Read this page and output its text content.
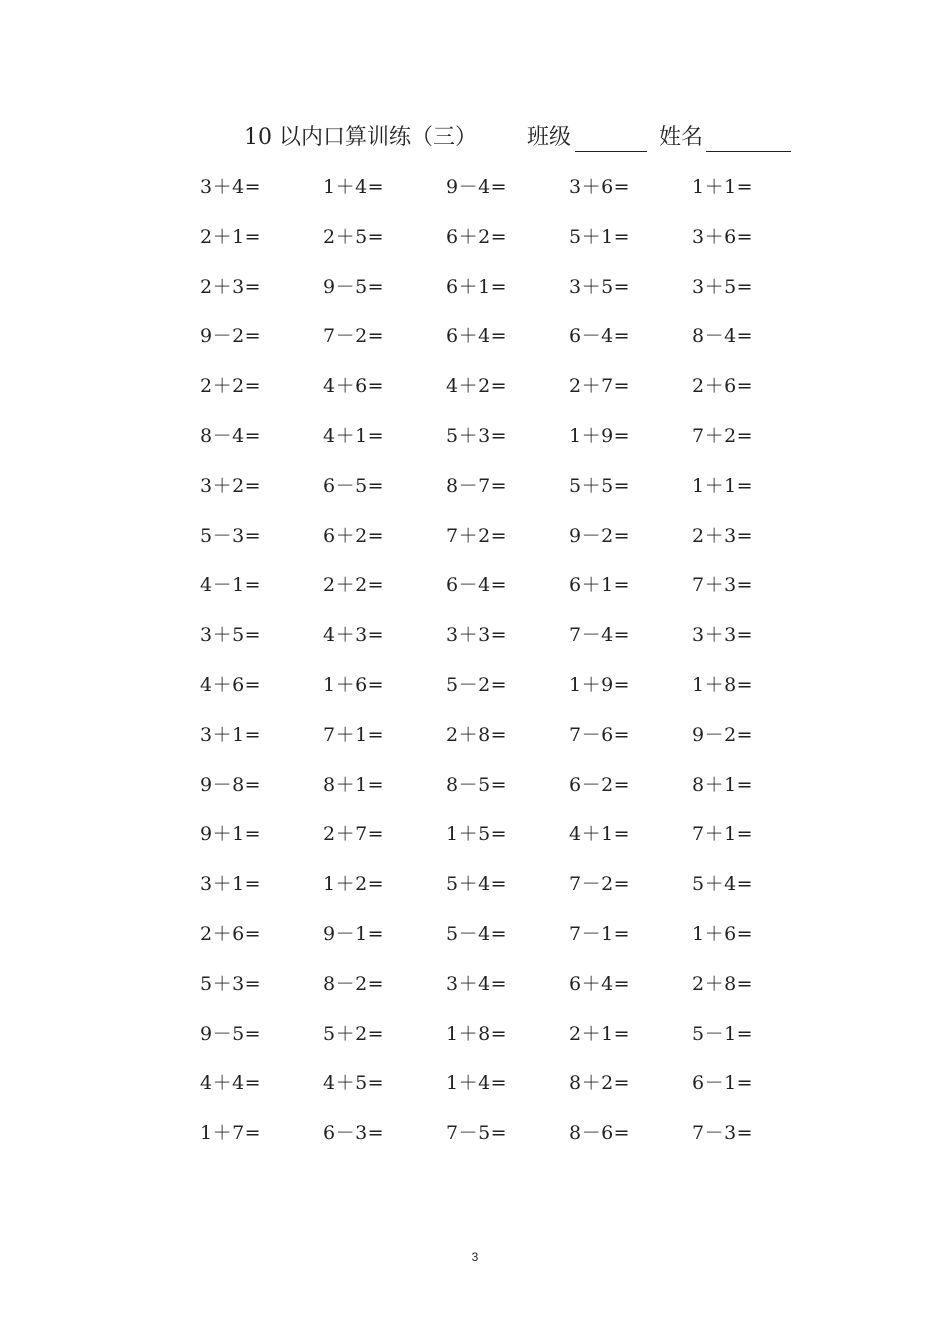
10 以内口算训练（三） 班级	姓名
3＋4=	1＋4=	9－4=	3＋6=	1＋1=
2＋1=	2＋5=	6＋2=	5＋1=	3＋6=
2＋3=	9－5=	6＋1=	3＋5=	3＋5=
9－2=	7－2=	6＋4=	6－4=	8－4=
2＋2=	4＋6=	4＋2=	2＋7=	2＋6=
8－4=	4＋1=	5＋3=	1＋9=	7＋2=
3＋2=	6－5=	8－7=	5＋5=	1＋1=
5－3=	6＋2=	7＋2=	9－2=	2＋3=
4－1=	2＋2=	6－4=	6＋1=	7＋3=
3＋5=	4＋3=	3＋3=	7－4=	3＋3=
4＋6=	1＋6=	5－2=	1＋9=	1＋8=
3＋1=	7＋1=	2＋8=	7－6=	9－2=
9－8=	8＋1=	8－5=	6－2=	8＋1=
9＋1=	2＋7=	1＋5=	4＋1=	7＋1=
3＋1=	1＋2=	5＋4=	7－2=	5＋4=
2＋6=	9－1=	5－4=	7－1=	1＋6=
5＋3=	8－2=	3＋4=	6＋4=	2＋8=
9－5=	5＋2=	1＋8=	2＋1=	5－1=
4＋4=	4＋5=	1＋4=	8＋2=	6－1=
1＋7=	6－3=	7－5=	8－6=	7－3=
3
